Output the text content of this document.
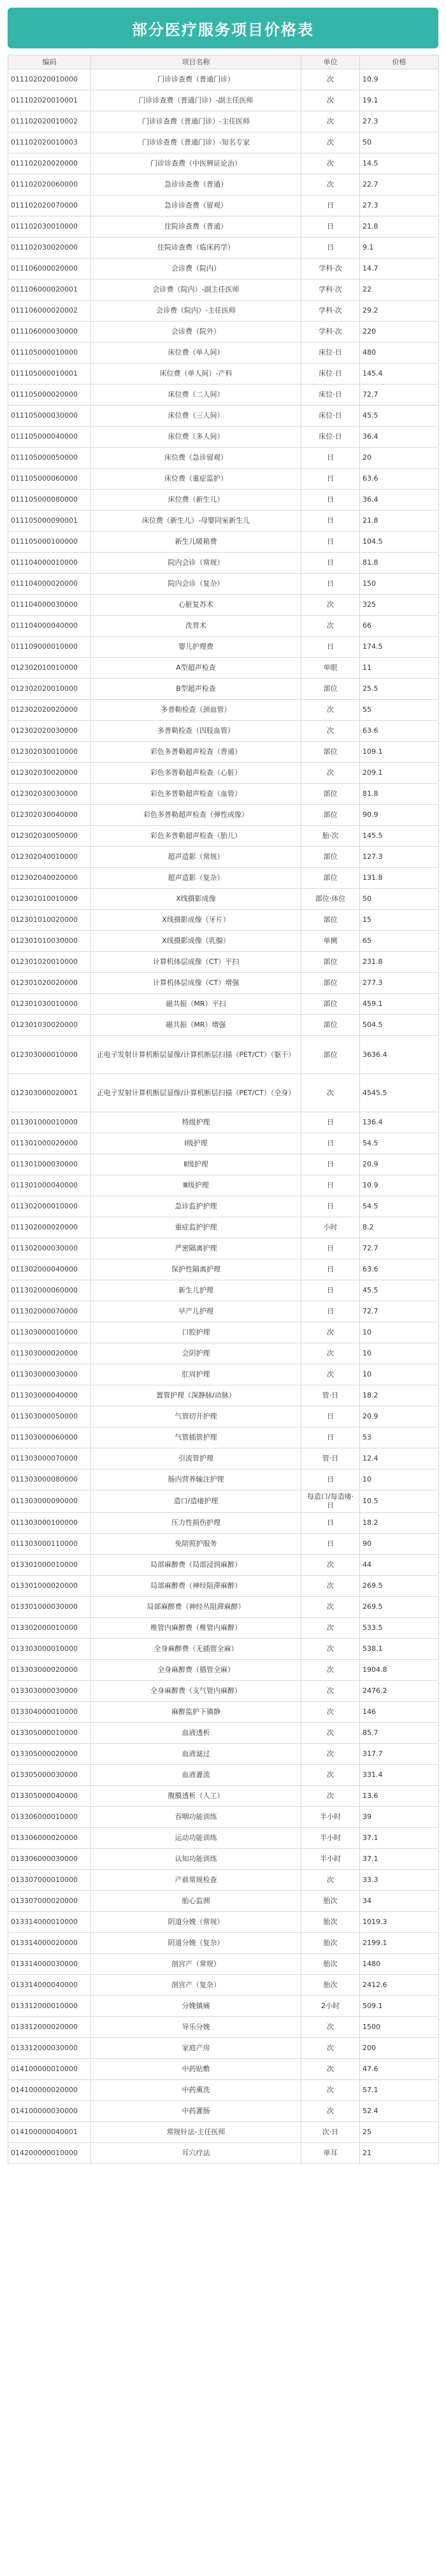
部分医疗服务项目价格表
编码	项目名称	单位	价格
011102020010000	门诊诊查费（普通门诊）	次	10.9
011102020010001	门诊诊查费（普通门诊）-副主任医师	次	19.1
011102020010002	门诊诊查费（普通门诊）-主任医师	次	27.3
011102020010003	门诊诊查费（普通门诊）-知名专家	次	50
011102020020000	门诊诊查费（中医辨证论治）	次	14.5
011102020060000	急诊诊查费（普通）	次	22.7
011102020070000	急诊诊查费（留观）	日	27.3
011102030010000	住院诊查费（普通）	日	21.8
011102030020000	住院诊查费（临床药学）	日	9.1
011106000020000	会诊费（院内）	学科·次	14.7
011106000020001	会诊费（院内）-副主任医师	学科·次	22
011106000020002	会诊费（院内）-主任医师	学科·次	29.2
011106000030000	会诊费（院外）	学科·次	220
011105000010000	床位费（单人间）	床位·日	480
011105000010001	床位费（单人间）-产科	床位·日	145.4
011105000020000	床位费（二人间）	床位·日	72.7
011105000030000	床位费（三人间）	床位·日	45.5
011105000040000	床位费（多人间）	床位·日	36.4
011105000050000	床位费（急诊留观）	日	20
011105000060000	床位费（重症监护）	日	63.6
011105000080000	床位费（新生儿）	日	36.4
011105000090001	床位费（新生儿）-母婴同室新生儿	日	21.8
011105000100000	新生儿暖箱费	日	104.5
011104000010000	院内会诊（常规）	日	81.8
011104000020000	院内会诊（复杂）	日	150
011104000030000	心脏复苏术	次	325
011104000040000	洗胃术	次	66
011109000010000	婴儿护理费	日	174.5
012302010010000	A型超声检查	单眼	11
012302020010000	B型超声检查	部位	25.5
012302020020000	多普勒检查（颈血管）	次	55
012302020030000	多普勒检查（四肢血管）	次	63.6
012302030010000	彩色多普勒超声检查（普通）	部位	109.1
012302030020000	彩色多普勒超声检查（心脏）	次	209.1
012302030030000	彩色多普勒超声检查（血管）	部位	81.8
012302030040000	彩色多普勒超声检查（弹性成像）	部位	90.9
012302030050000	彩色多普勒超声检查（胎儿）	胎·次	145.5
012302040010000	超声造影（常规）	部位	127.3
012302040020000	超声造影（复杂）	部位	131.8
012301010010000	X线摄影成像	部位·体位	50
012301010020000	X线摄影成像（牙片）	部位	15
012301010030000	X线摄影成像（乳腺）	单侧	65
012301020010000	计算机体层成像（CT）平扫	部位	231.8
012301020020000	计算机体层成像（CT）增强	部位	277.3
012301030010000	磁共振（MR）平扫	部位	459.1
012301030020000	磁共振（MR）增强	部位	504.5
012303000010000	正电子发射计算机断层显像/计算机断层扫描（PET/CT）（躯干）	部位	3636.4
012303000020001	正电子发射计算机断层显像/计算机断层扫描（PET/CT）（全身）	次	4545.5
011301000010000	特级护理	日	136.4
011301000020000	Ⅰ级护理	日	54.5
011301000030000	Ⅱ级护理	日	20.9
011301000040000	Ⅲ级护理	日	10.9
011302000010000	急诊监护护理	日	54.5
011302000020000	重症监护护理	小时	8.2
011302000030000	严密隔离护理	日	72.7
011302000040000	保护性隔离护理	日	63.6
011302000060000	新生儿护理	日	45.5
011302000070000	早产儿护理	日	72.7
011303000010000	口腔护理	次	10
011303000020000	会阴护理	次	10
011303000030000	肛周护理	次	10
011303000040000	置管护理（深静脉/动脉）	管·日	18.2
011303000050000	气管切开护理	日	20.9
011303000060000	气管插管护理	日	53
011303000070000	引流管护理	管·日	12.4
011303000080000	肠内营养输注护理	日	10
011303000090000	造口/造瘘护理	每造口/每造瘘·日	10.5
011303000100000	压力性损伤护理	日	18.2
011303000110000	免陪照护服务	日	90
013301000010000	局部麻醉费（局部浸润麻醉）	次	44
013301000020000	局部麻醉费（神经阻滞麻醉）	次	269.5
013301000030000	局部麻醉费（神经丛阻滞麻醉）	次	269.5
013302000010000	椎管内麻醉费（椎管内麻醉）	次	533.5
013303000010000	全身麻醉费（无插管全麻）	次	538.1
013303000020000	全身麻醉费（插管全麻）	次	1904.8
013303000030000	全身麻醉费（支气管内麻醉）	次	2476.2
013304000010000	麻醉监护下镇静	次	146
013305000010000	血液透析	次	85.7
013305000020000	血液滤过	次	317.7
013305000030000	血液灌流	次	331.4
013305000040000	腹膜透析（人工）	次	13.6
013306000010000	吞咽功能训练	半小时	39
013306000020000	运动功能训练	半小时	37.1
013306000030000	认知功能训练	半小时	37.1
013307000010000	产前常规检查	次	33.3
013307000020000	胎心监测	胎次	34
013314000010000	阴道分娩（常规）	胎次	1019.3
013314000020000	阴道分娩（复杂）	胎次	2199.1
013314000030000	剖宫产（常规）	胎次	1480
013314000040000	剖宫产（复杂）	胎次	2412.6
013312000010000	分娩镇痛	2小时	509.1
013312000020000	导乐分娩	次	1500
013312000030000	家庭产房	次	200
014100000010000	中药贴敷	次	47.6
014100000020000	中药熏洗	次	57.1
014100000030000	中药灌肠	次	52.4
014100000040001	常规针法-主任医师	次·日	25
014200000010000	耳穴疗法	单耳	21
